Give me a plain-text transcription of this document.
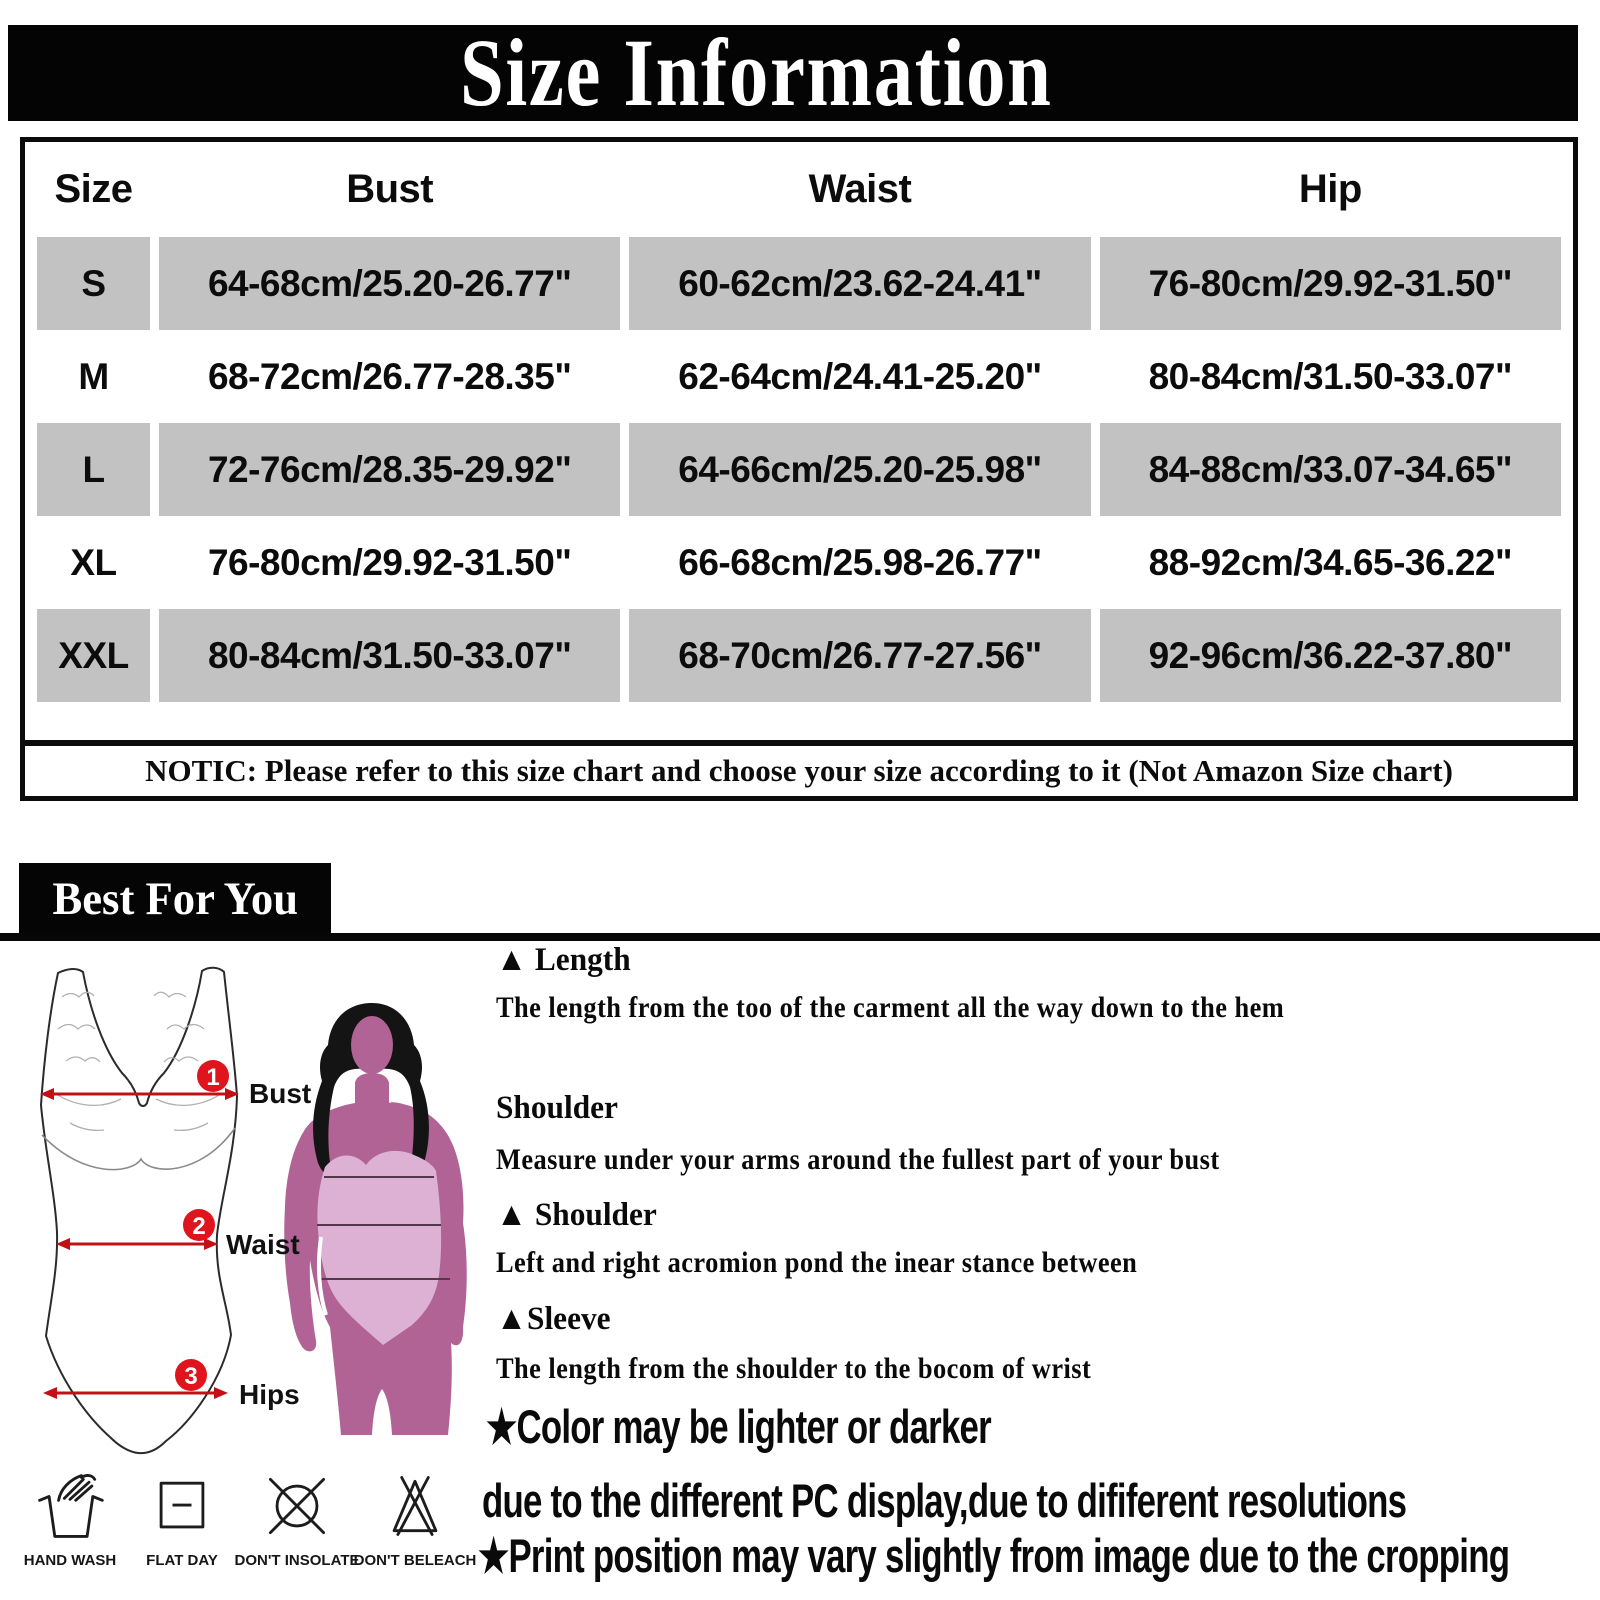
Size Information
Size	Bust	Waist	Hip
S	64-68cm/25.20-26.77"	60-62cm/23.62-24.41"	76-80cm/29.92-31.50"
M	68-72cm/26.77-28.35"	62-64cm/24.41-25.20"	80-84cm/31.50-33.07"
L	72-76cm/28.35-29.92"	64-66cm/25.20-25.98"	84-88cm/33.07-34.65"
XL	76-80cm/29.92-31.50"	66-68cm/25.98-26.77"	88-92cm/34.65-36.22"
XXL	80-84cm/31.50-33.07"	68-70cm/26.77-27.56"	92-96cm/36.22-37.80"
NOTIC: Please refer to this size chart and choose your size according to it (Not Amazon Size chart)
Best For You
1
2
3
Bust
Waist
Hips
▲ Length
The length from the too of the carment all the way down to the hem
Shoulder
Measure under your arms around the fullest part of your bust
▲ Shoulder
Left and right acromion pond the inear stance between
▲Sleeve
The length from the shoulder to the bocom of wrist
★Color may be lighter or darker
due to the different PC display,due to dififerent resolutions
★Print position may vary slightly from image due to the cropping
HAND WASH FLAT DAY DON'T INSOLATE
DON'T BELEACH
